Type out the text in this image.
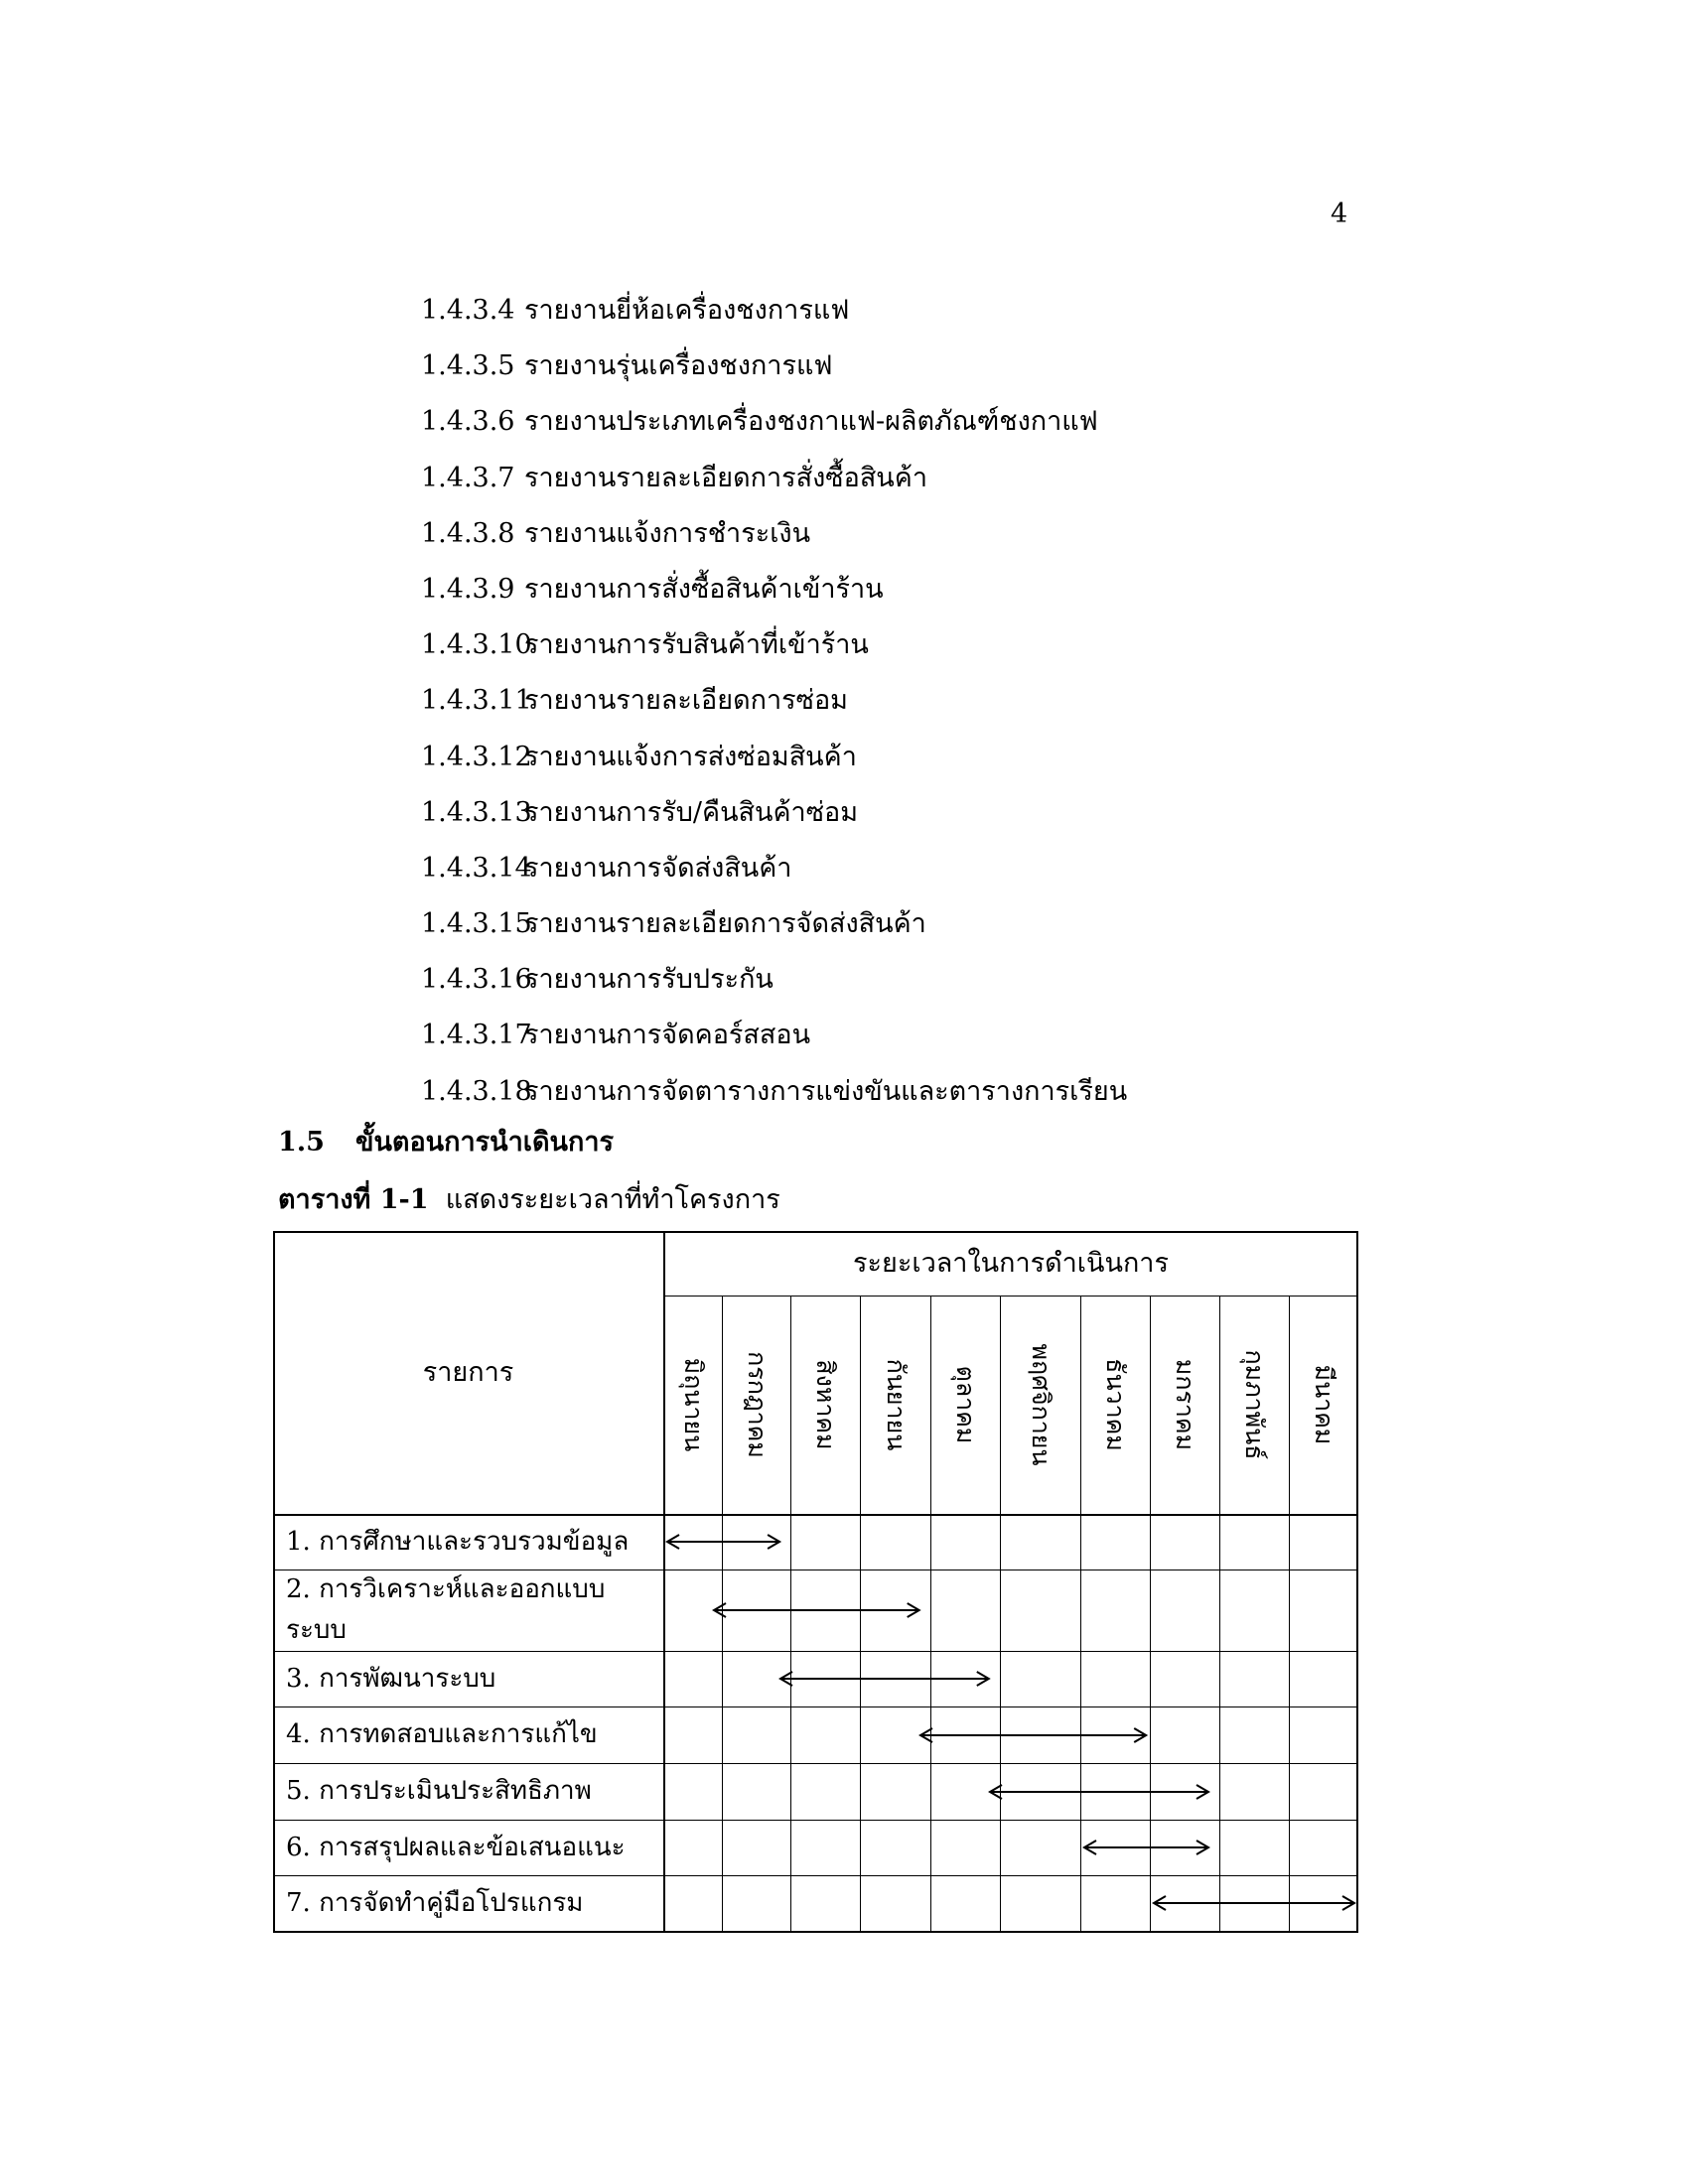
4
1.4.3.4 รายงานยี่ห้อเครื่องชงการแฟ
1.4.3.5 รายงานรุ่นเครื่องชงการแฟ
1.4.3.6 รายงานประเภทเครื่องชงกาแฟ-ผลิตภัณฑ์ชงกาแฟ
1.4.3.7 รายงานรายละเอียดการสั่งซื้อสินค้า
1.4.3.8 รายงานแจ้งการชำระเงิน
1.4.3.9 รายงานการสั่งซื้อสินค้าเข้าร้าน
1.4.3.10รายงานการรับสินค้าที่เข้าร้าน
1.4.3.11รายงานรายละเอียดการซ่อม
1.4.3.12รายงานแจ้งการส่งซ่อมสินค้า
1.4.3.13รายงานการรับ/คืนสินค้าซ่อม
1.4.3.14รายงานการจัดส่งสินค้า
1.4.3.15รายงานรายละเอียดการจัดส่งสินค้า
1.4.3.16รายงานการรับประกัน
1.4.3.17รายงานการจัดคอร์สสอน
1.4.3.18รายงานการจัดตารางการแข่งขันและตารางการเรียน
1.5 ขั้นตอนการนำเดินการ
ตารางที่ 1-1 แสดงระยะเวลาที่ทำโครงการ
รายการ
ระยะเวลาในการดำเนินการ
มิถุนายน กรกฎาคม สิงหาคม กันยายน ตุลาคม พฤศจิกายน ธันวาคม มกราคม กุมภาพันธ์ มีนาคม
1. การศึกษาและรวบรวมข้อมูล
2. การวิเคราะห์และออกแบบ
ระบบ
3. การพัฒนาระบบ
4. การทดสอบและการแก้ไข
5. การประเมินประสิทธิภาพ
6. การสรุปผลและข้อเสนอแนะ
7. การจัดทำคู่มือโปรแกรม
